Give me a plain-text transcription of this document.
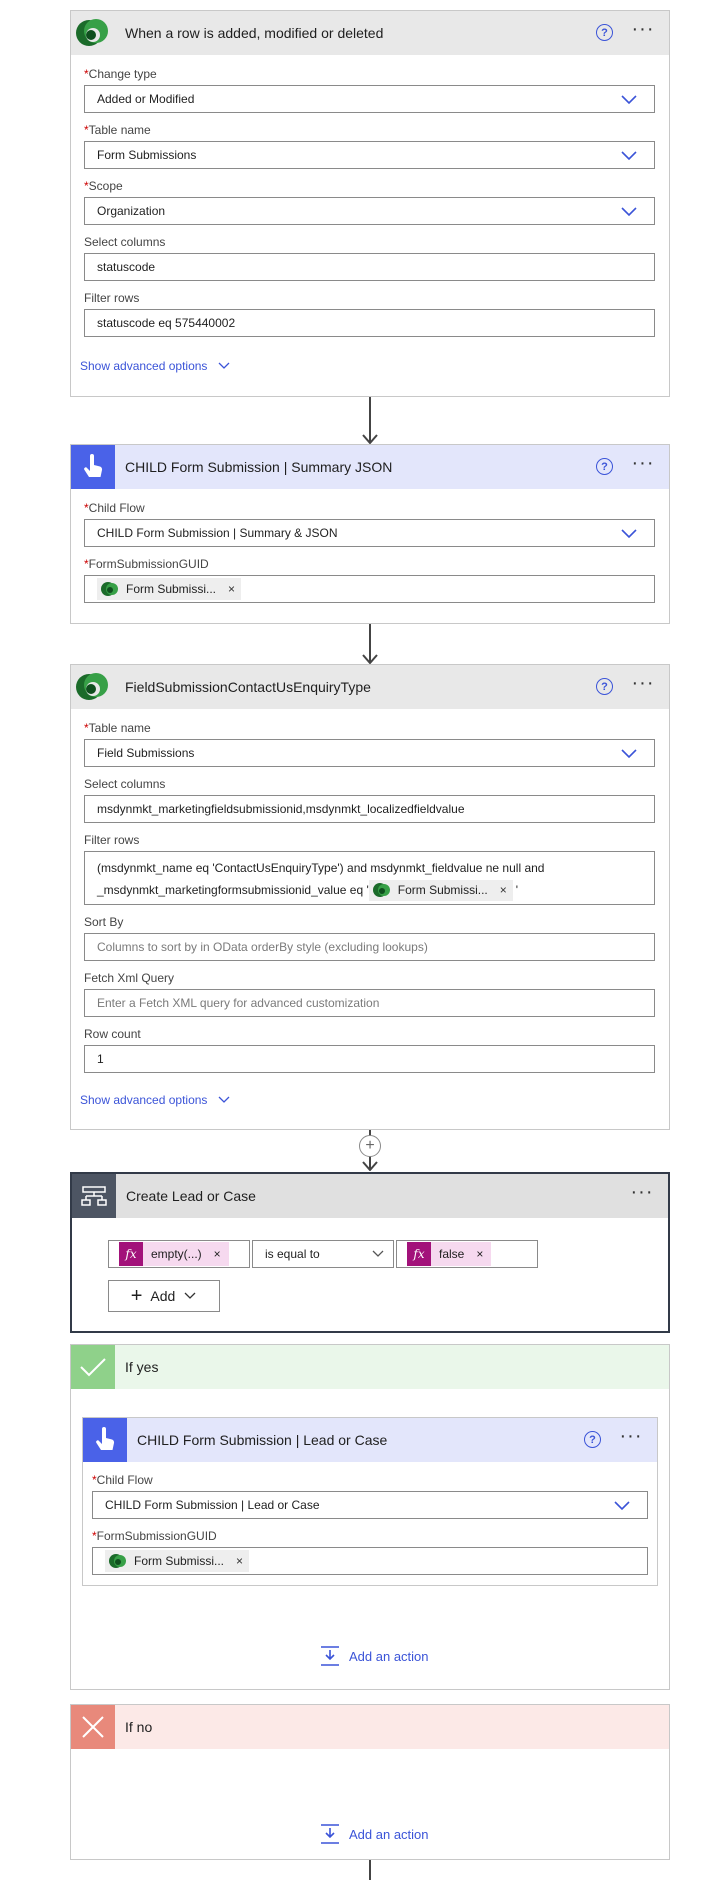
When a row is added, modified or deleted	? ···
*Change type
Added or Modified
*Table name
Form Submissions
*Scope
Organization
Select columns
statuscode
Filter rows
statuscode eq 575440002
Show advanced options
CHILD Form Submission | Summary JSON	? ···
*Child Flow
CHILD Form Submission | Summary & JSON
*FormSubmissionGUID
Form Submissi... ×
FieldSubmissionContactUsEnquiryType	? ···
*Table name
Field Submissions
Select columns
msdynmkt_marketingfieldsubmissionid,msdynmkt_localizedfieldvalue
Filter rows
(msdynmkt_name eq 'ContactUsEnquiryType') and msdynmkt_fieldvalue ne null and
_msdynmkt_marketingformsubmissionid_value eq ' Form Submissi... × '
Sort By
Columns to sort by in OData orderBy style (excluding lookups)
Fetch Xml Query
Enter a Fetch XML query for advanced customization
Row count
1
Show advanced options
+
Create Lead or Case	···
fx	empty(...) ×	is equal to	fx	false ×
+ Add
If yes
CHILD Form Submission | Lead or Case	? ···
*Child Flow
CHILD Form Submission | Lead or Case
*FormSubmissionGUID
Form Submissi... ×
Add an action
If no
Add an action
